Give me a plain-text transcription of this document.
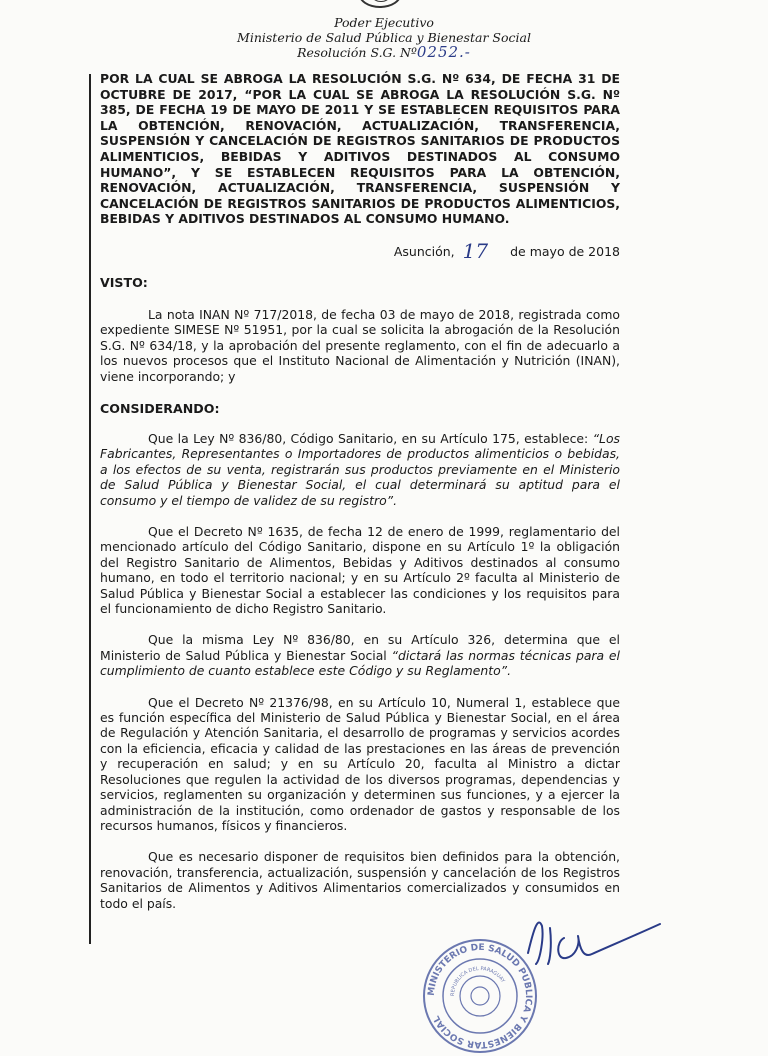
Poder Ejecutivo
Ministerio de Salud Pública y Bienestar Social
Resolución S.G. Nº0252.-

POR LA CUAL SE ABROGA LA RESOLUCIÓN S.G. Nº 634, DE FECHA 31 DE OCTUBRE DE 2017, “POR LA CUAL SE ABROGA LA RESOLUCIÓN S.G. Nº 385, DE FECHA 19 DE MAYO DE 2011 Y SE ESTABLECEN REQUISITOS PARA LA OBTENCIÓN, RENOVACIÓN, ACTUALIZACIÓN, TRANSFERENCIA, SUSPENSIÓN Y CANCELACIÓN DE REGISTROS SANITARIOS DE PRODUCTOS ALIMENTICIOS, BEBIDAS Y ADITIVOS DESTINADOS AL CONSUMO HUMANO”, Y SE ESTABLECEN REQUISITOS PARA LA OBTENCIÓN, RENOVACIÓN, ACTUALIZACIÓN, TRANSFERENCIA, SUSPENSIÓN Y CANCELACIÓN DE REGISTROS SANITARIOS DE PRODUCTOS ALIMENTICIOS, BEBIDAS Y ADITIVOS DESTINADOS AL CONSUMO HUMANO.

Asunción, 17 de mayo de 2018
VISTO:

La nota INAN Nº 717/2018, de fecha 03 de mayo de 2018, registrada como expediente SIMESE Nº 51951, por la cual se solicita la abrogación de la Resolución S.G. Nº 634/18, y la aprobación del presente reglamento, con el fin de adecuarlo a los nuevos procesos que el Instituto Nacional de Alimentación y Nutrición (INAN), viene incorporando; y

CONSIDERANDO:

Que la Ley Nº 836/80, Código Sanitario, en su Artículo 175, establece: “Los Fabricantes, Representantes o Importadores de productos alimenticios o bebidas, a los efectos de su venta, registrarán sus productos previamente en el Ministerio de Salud Pública y Bienestar Social, el cual determinará su aptitud para el consumo y el tiempo de validez de su registro”.

Que el Decreto Nº 1635, de fecha 12 de enero de 1999, reglamentario del mencionado artículo del Código Sanitario, dispone en su Artículo 1º la obligación del Registro Sanitario de Alimentos, Bebidas y Aditivos destinados al consumo humano, en todo el territorio nacional; y en su Artículo 2º faculta al Ministerio de Salud Pública y Bienestar Social a establecer las condiciones y los requisitos para el funcionamiento de dicho Registro Sanitario.

Que la misma Ley Nº 836/80, en su Artículo 326, determina que el Ministerio de Salud Pública y Bienestar Social “dictará las normas técnicas para el cumplimiento de cuanto establece este Código y su Reglamento”.

Que el Decreto Nº 21376/98, en su Artículo 10, Numeral 1, establece que es función específica del Ministerio de Salud Pública y Bienestar Social, en el área de Regulación y Atención Sanitaria, el desarrollo de programas y servicios acordes con la eficiencia, eficacia y calidad de las prestaciones en las áreas de prevención y recuperación en salud; y en su Artículo 20, faculta al Ministro a dictar Resoluciones que regulen la actividad de los diversos programas, dependencias y servicios, reglamenten su organización y determinen sus funciones, y a ejercer la administración de la institución, como ordenador de gastos y responsable de los recursos humanos, físicos y financieros.

Que es necesario disponer de requisitos bien definidos para la obtención, renovación, transferencia, actualización, suspensión y cancelación de los Registros Sanitarios de Alimentos y Aditivos Alimentarios comercializados y consumidos en todo el país.

MINISTERIO DE SALUD PUBLICA Y BIENESTAR SOCIAL
REPUBLICA DEL PARAGUAY
